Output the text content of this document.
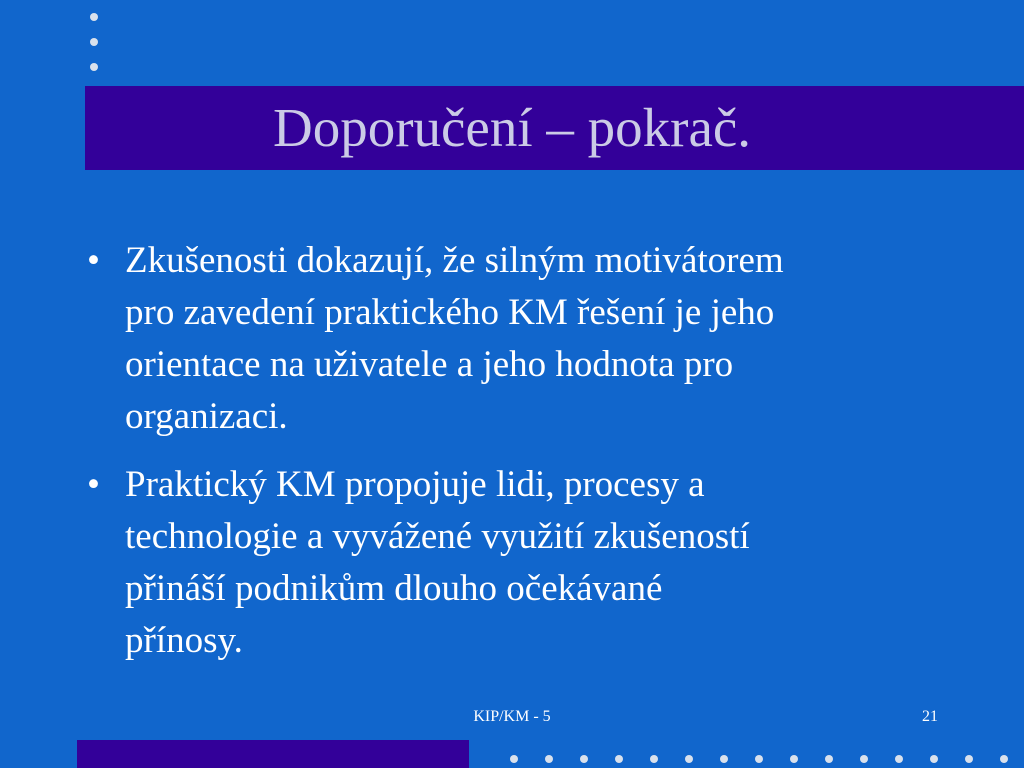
Doporučení – pokrač.
• Zkušenosti dokazují, že silným motivátorem
pro zavedení praktického KM řešení je jeho
orientace na uživatele a jeho hodnota pro
organizaci.
• Praktický KM propojuje lidi, procesy a
technologie a vyvážené využití zkušeností
přináší podnikům dlouho očekávané
přínosy.
KIP/KM - 5	21
